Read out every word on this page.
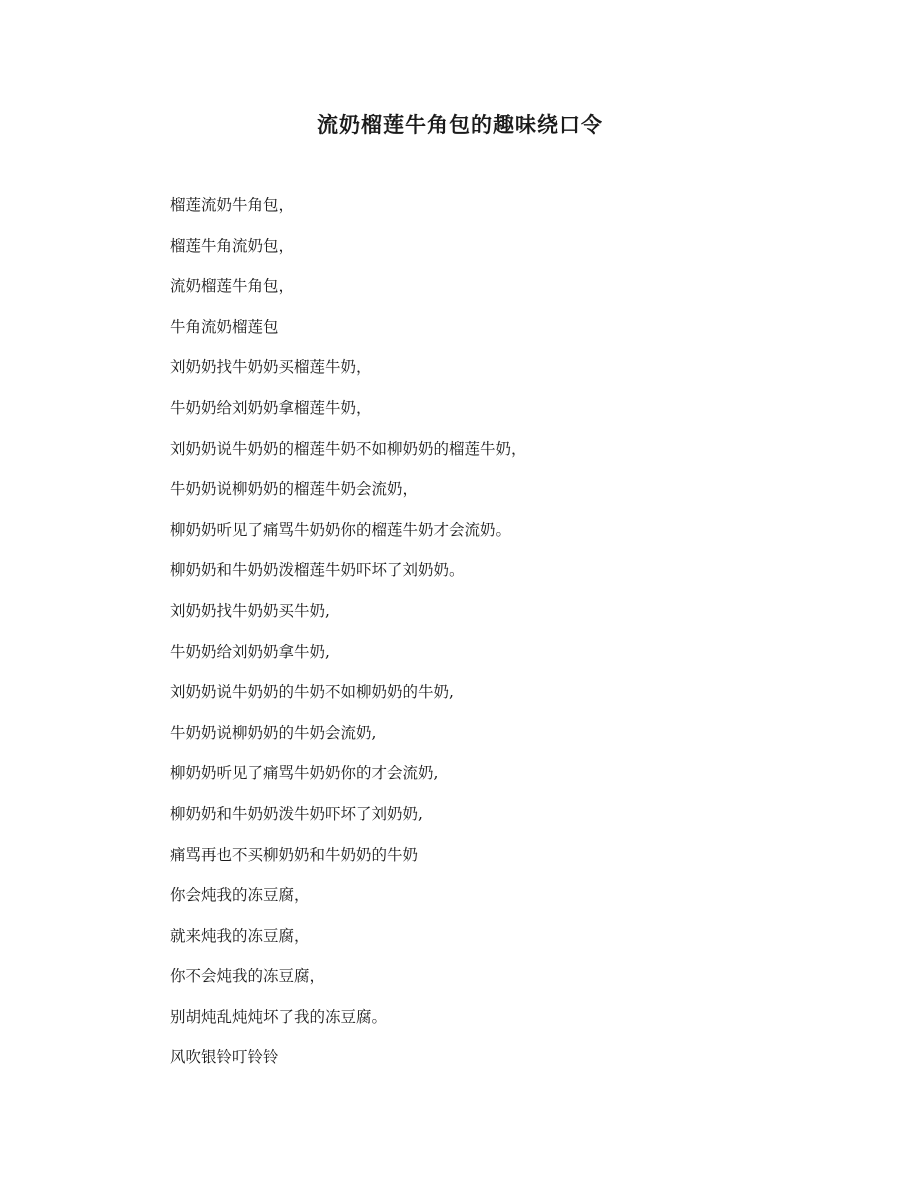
流奶榴莲牛角包的趣味绕口令
榴莲流奶牛角包，
榴莲牛角流奶包，
流奶榴莲牛角包，
牛角流奶榴莲包
刘奶奶找牛奶奶买榴莲牛奶，
牛奶奶给刘奶奶拿榴莲牛奶，
刘奶奶说牛奶奶的榴莲牛奶不如柳奶奶的榴莲牛奶，
牛奶奶说柳奶奶的榴莲牛奶会流奶，
柳奶奶听见了痛骂牛奶奶你的榴莲牛奶才会流奶。
柳奶奶和牛奶奶泼榴莲牛奶吓坏了刘奶奶。
刘奶奶找牛奶奶买牛奶,
牛奶奶给刘奶奶拿牛奶,
刘奶奶说牛奶奶的牛奶不如柳奶奶的牛奶,
牛奶奶说柳奶奶的牛奶会流奶,
柳奶奶听见了痛骂牛奶奶你的才会流奶,
柳奶奶和牛奶奶泼牛奶吓坏了刘奶奶,
痛骂再也不买柳奶奶和牛奶奶的牛奶
你会炖我的冻豆腐，
就来炖我的冻豆腐，
你不会炖我的冻豆腐，
别胡炖乱炖炖坏了我的冻豆腐。
风吹银铃叮铃铃
